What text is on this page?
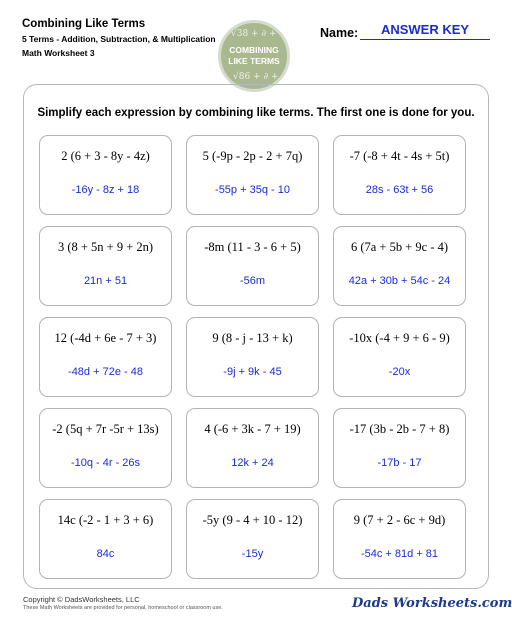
Combining Like Terms
5 Terms - Addition, Subtraction, & Multiplication
Math Worksheet 3
√38 + ∂ +
COMBINING
LIKE TERMS
√86 + ∂ +
Name:	ANSWER KEY
Simplify each expression by combining like terms. The first one is done for you.
2 (6 + 3 - 8y - 4z)
-16y - 8z + 18
5 (-9p - 2p - 2 + 7q)
-55p + 35q - 10
-7 (-8 + 4t - 4s + 5t)
28s - 63t + 56
3 (8 + 5n + 9 + 2n)
21n + 51
-8m (11 - 3 - 6 + 5)
-56m
6 (7a + 5b + 9c - 4)
42a + 30b + 54c - 24
12 (-4d + 6e - 7 + 3)
-48d + 72e - 48
9 (8 - j - 13 + k)
-9j + 9k - 45
-10x (-4 + 9 + 6 - 9)
-20x
-2 (5q + 7r -5r + 13s)
-10q - 4r - 26s
4 (-6 + 3k - 7 + 19)
12k + 24
-17 (3b - 2b - 7 + 8)
-17b - 17
14c (-2 - 1 + 3 + 6)
84c
-5y (9 - 4 + 10 - 12)
-15y
9 (7 + 2 - 6c + 9d)
-54c + 81d + 81
Copyright © DadsWorksheets, LLC
These Math Worksheets are provided for personal, homeschool or classroom use.	Dads Worksheets.com
